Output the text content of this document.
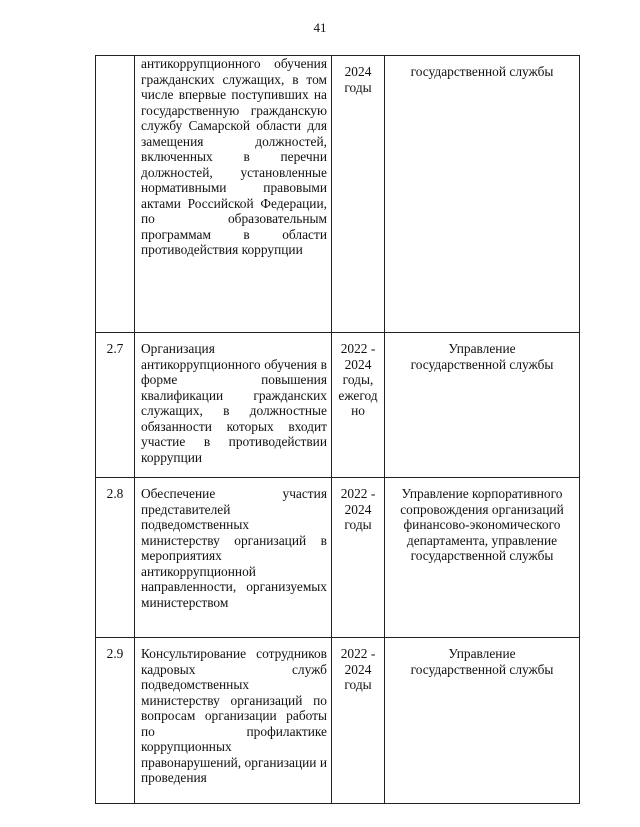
41

	антикоррупционного обучения гражданских служащих, в том числе впервые поступивших на государственную гражданскую службу Самарской области для замещения должностей, включенных в перечни должностей, установленные нормативными правовыми актами Российской Федерации, по образовательным программам в области противодействия коррупции	2024
годы	государственной службы

2.7	Организация антикоррупционного обучения в форме повышения квалификации гражданских служащих, в должностные обязанности которых входит участие в противодействии коррупции	2022 -
2024
годы,
ежегод
но	Управление
государственной службы

2.8	Обеспечение участия представителей подведомственных министерству организаций в мероприятиях антикоррупционной направленности, организуемых министерством	2022 -
2024
годы	Управление корпоративного
сопровождения организаций
финансово-экономического
департамента, управление
государственной службы

2.9	Консультирование сотрудников кадровых служб подведомственных министерству организаций по вопросам организации работы по профилактике коррупционных правонарушений, организации и проведения	2022 -
2024
годы	Управление
государственной службы
